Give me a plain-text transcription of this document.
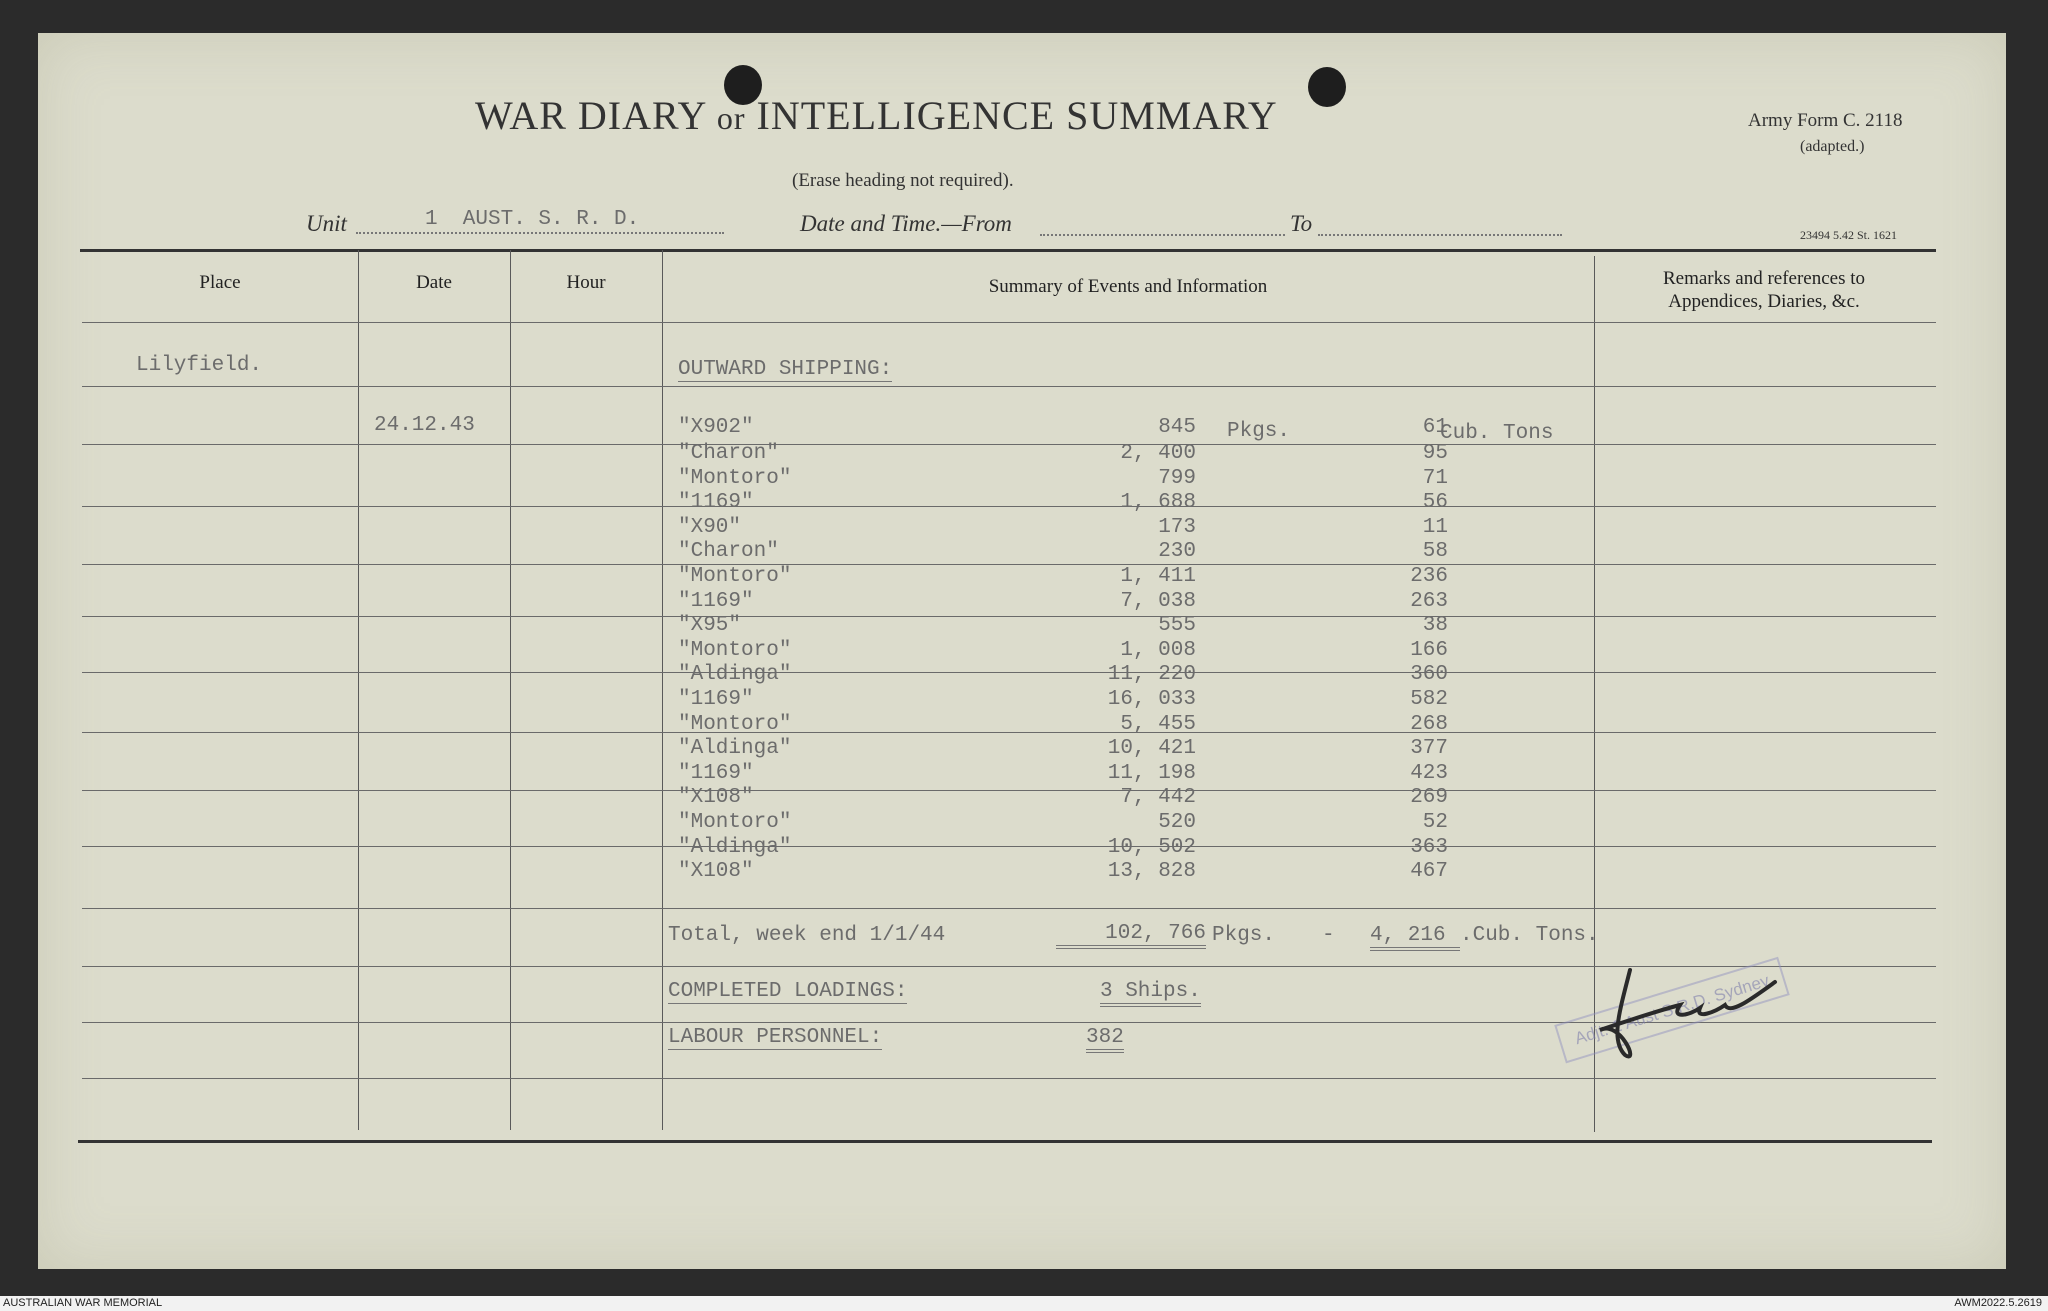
WAR DIARY or INTELLIGENCE SUMMARY
(Erase heading not required).
Army Form C. 2118
(adapted.)
23494 5.42 St. 1621
Unit	1  AUST. S. R. D.	Date and Time.—From	To
Place	Date	Hour	Summary of Events and Information	Remarks and references to
Appendices, Diaries, &c.
Lilyfield.
24.12.43
OUTWARD SHIPPING:
"X902"	845	61
"Charon"	2, 400	95
"Montoro"	799	71
"1169"	1, 688	56
"X90"	173	11
"Charon"	230	58
"Montoro"	1, 411	236
"1169"	7, 038	263
"X95"	555	38
"Montoro"	1, 008	166
"Aldinga"	11, 220	360
"1169"	16, 033	582
"Montoro"	5, 455	268
"Aldinga"	10, 421	377
"1169"	11, 198	423
"X108"	7, 442	269
"Montoro"	520	52
"Aldinga"	10, 502	363
"X108"	13, 828	467
Pkgs.	Cub. Tons
Total, week end 1/1/44	102, 766 Pkgs. - 4, 216 .Cub. Tons.
COMPLETED LOADINGS:	3 Ships.
LABOUR PERSONNEL:	382	Adjt. 1 Aust S.R.D. Sydney
AUSTRALIAN WAR MEMORIAL	AWM2022.5.2619
